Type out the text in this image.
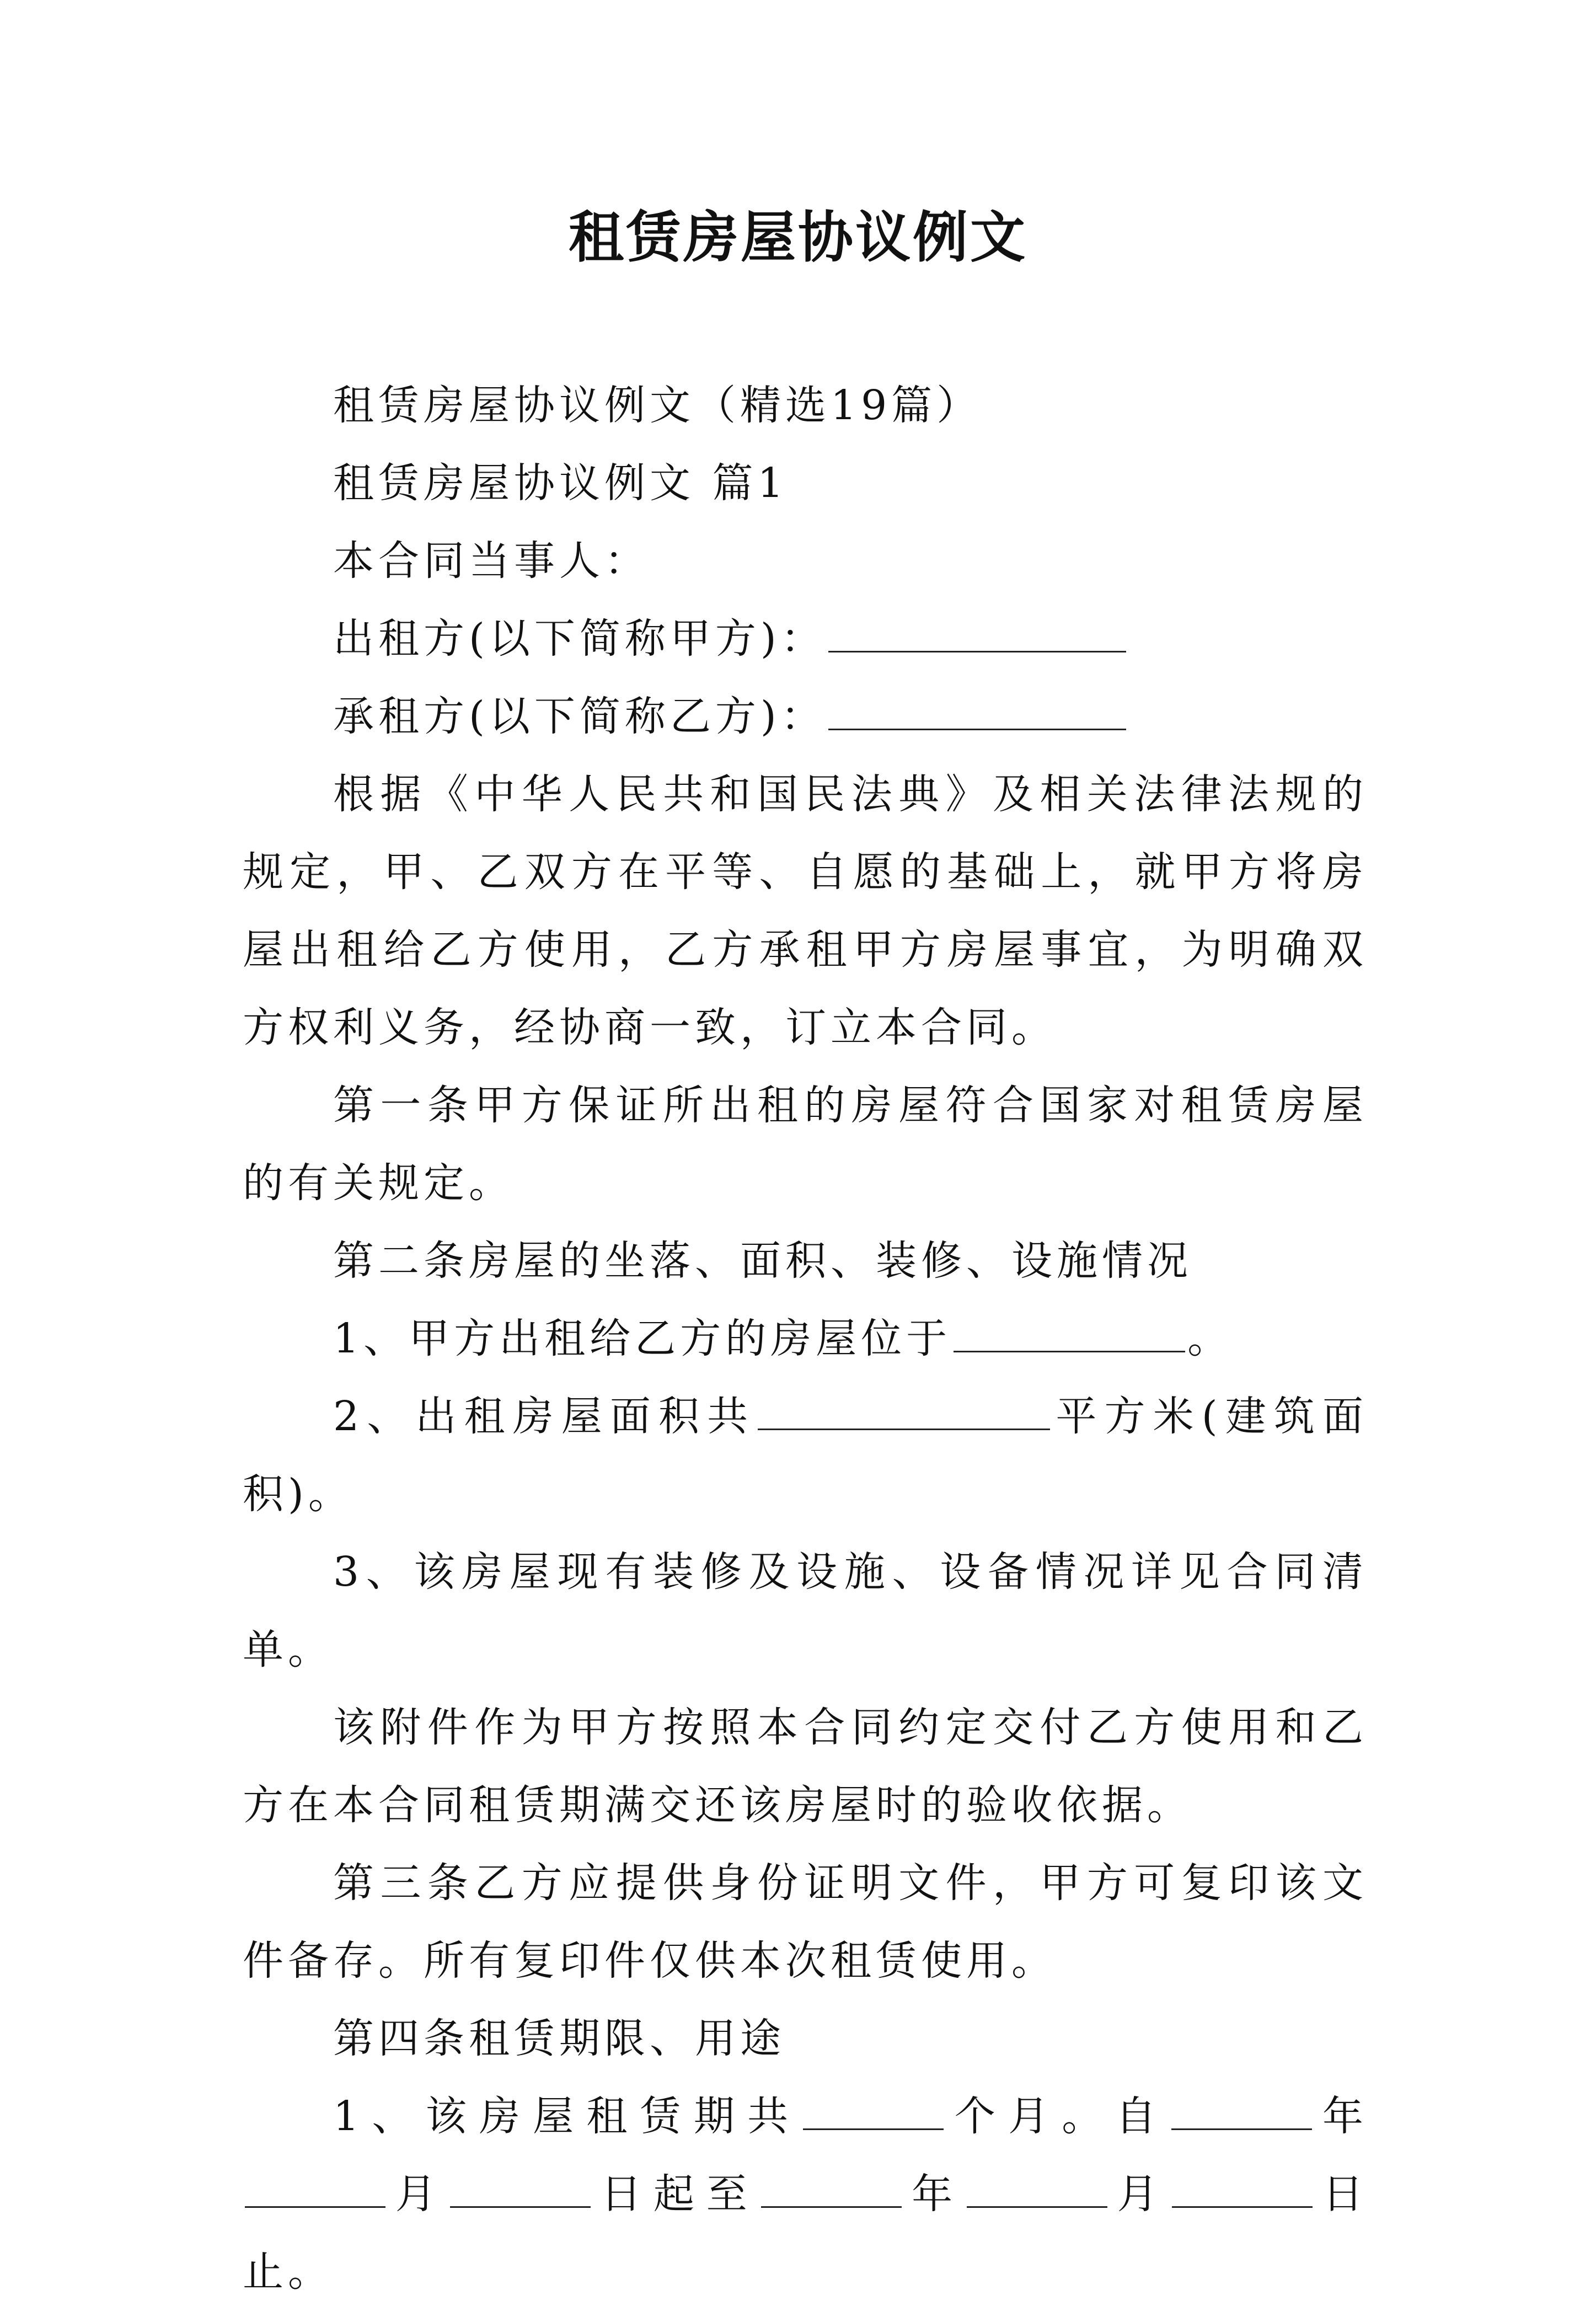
租赁房屋协议例文

租赁房屋协议例文（精选19篇）

租赁房屋协议例文 篇1

本合同当事人：

出租方(以下简称甲方)：

承租方(以下简称乙方)：

根据《中华人民共和国民法典》及相关法律法规的规定，甲、乙双方在平等、自愿的基础上，就甲方将房屋出租给乙方使用，乙方承租甲方房屋事宜，为明确双方权利义务，经协商一致，订立本合同。

第一条甲方保证所出租的房屋符合国家对租赁房屋的有关规定。

第二条房屋的坐落、面积、装修、设施情况

1、甲方出租给乙方的房屋位于	。

2、出租房屋面积共	平方米(建筑面积)。

3、该房屋现有装修及设施、设备情况详见合同清单。

该附件作为甲方按照本合同约定交付乙方使用和乙方在本合同租赁期满交还该房屋时的验收依据。

第三条乙方应提供身份证明文件，甲方可复印该文件备存。所有复印件仅供本次租赁使用。

第四条租赁期限、用途

1、该房屋租赁期共	个月。自	年月	日起至	年	月	日止。
